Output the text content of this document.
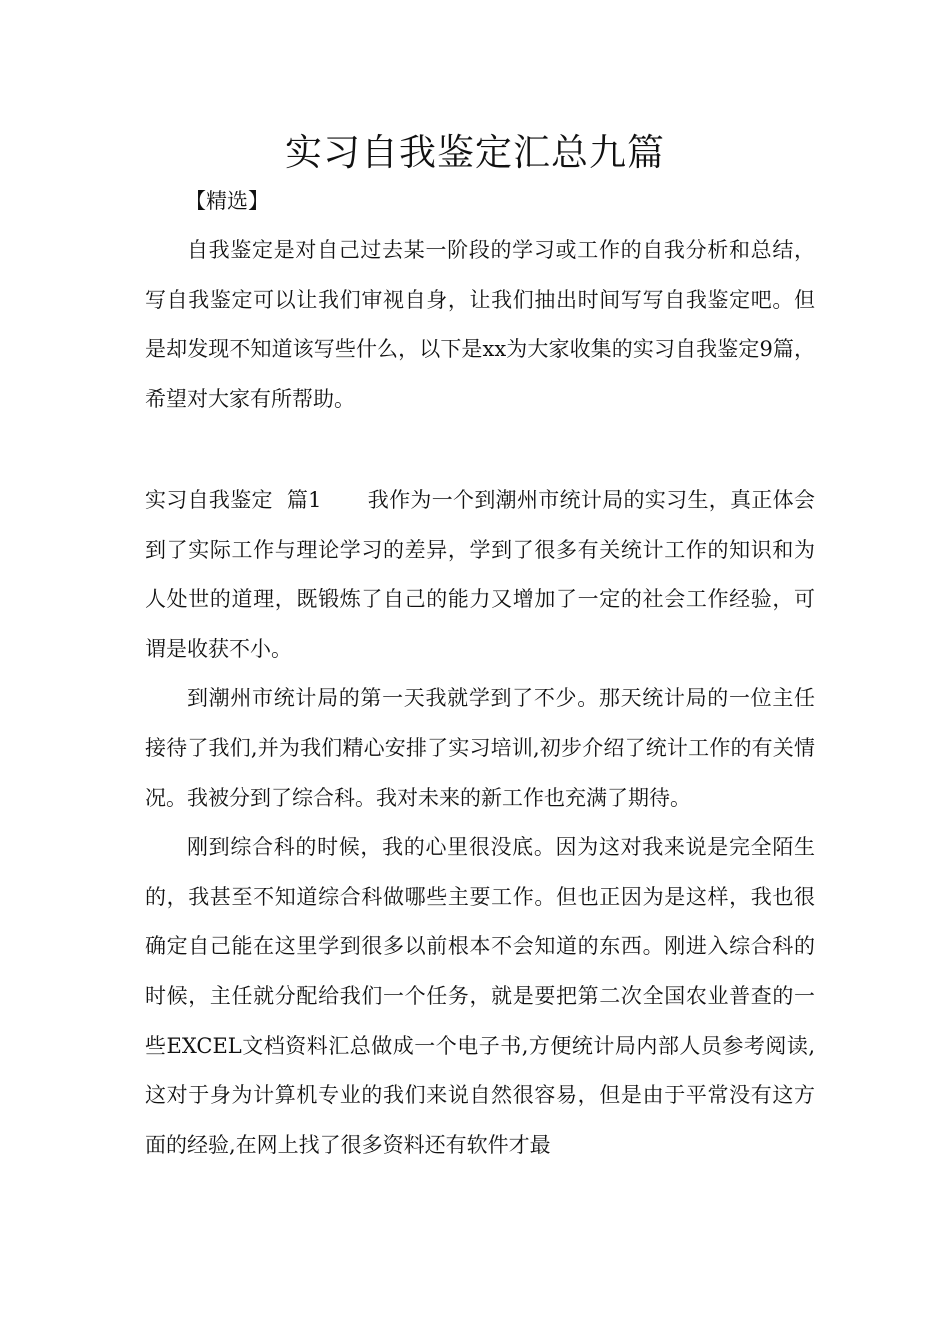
实习自我鉴定汇总九篇
【精选】

自我鉴定是对自己过去某一阶段的学习或工作的自我分析和总结，写自我鉴定可以让我们审视自身，让我们抽出时间写写自我鉴定吧。但是却发现不知道该写些什么，以下是xx为大家收集的实习自我鉴定9篇，希望对大家有所帮助。

实习自我鉴定  篇1 我作为一个到潮州市统计局的实习生，真正体会到了实际工作与理论学习的差异，学到了很多有关统计工作的知识和为人处世的道理，既锻炼了自己的能力又增加了一定的社会工作经验，可谓是收获不小。

到潮州市统计局的第一天我就学到了不少。那天统计局的一位主任接待了我们,并为我们精心安排了实习培训,初步介绍了统计工作的有关情况。我被分到了综合科。我对未来的新工作也充满了期待。

刚到综合科的时候，我的心里很没底。因为这对我来说是完全陌生的，我甚至不知道综合科做哪些主要工作。但也正因为是这样，我也很确定自己能在这里学到很多以前根本不会知道的东西。刚进入综合科的时候，主任就分配给我们一个任务，就是要把第二次全国农业普查的一些EXCEL文档资料汇总做成一个电子书,方便统计局内部人员参考阅读,这对于身为计算机专业的我们来说自然很容易，但是由于平常没有这方面的经验,在网上找了很多资料还有软件才最
